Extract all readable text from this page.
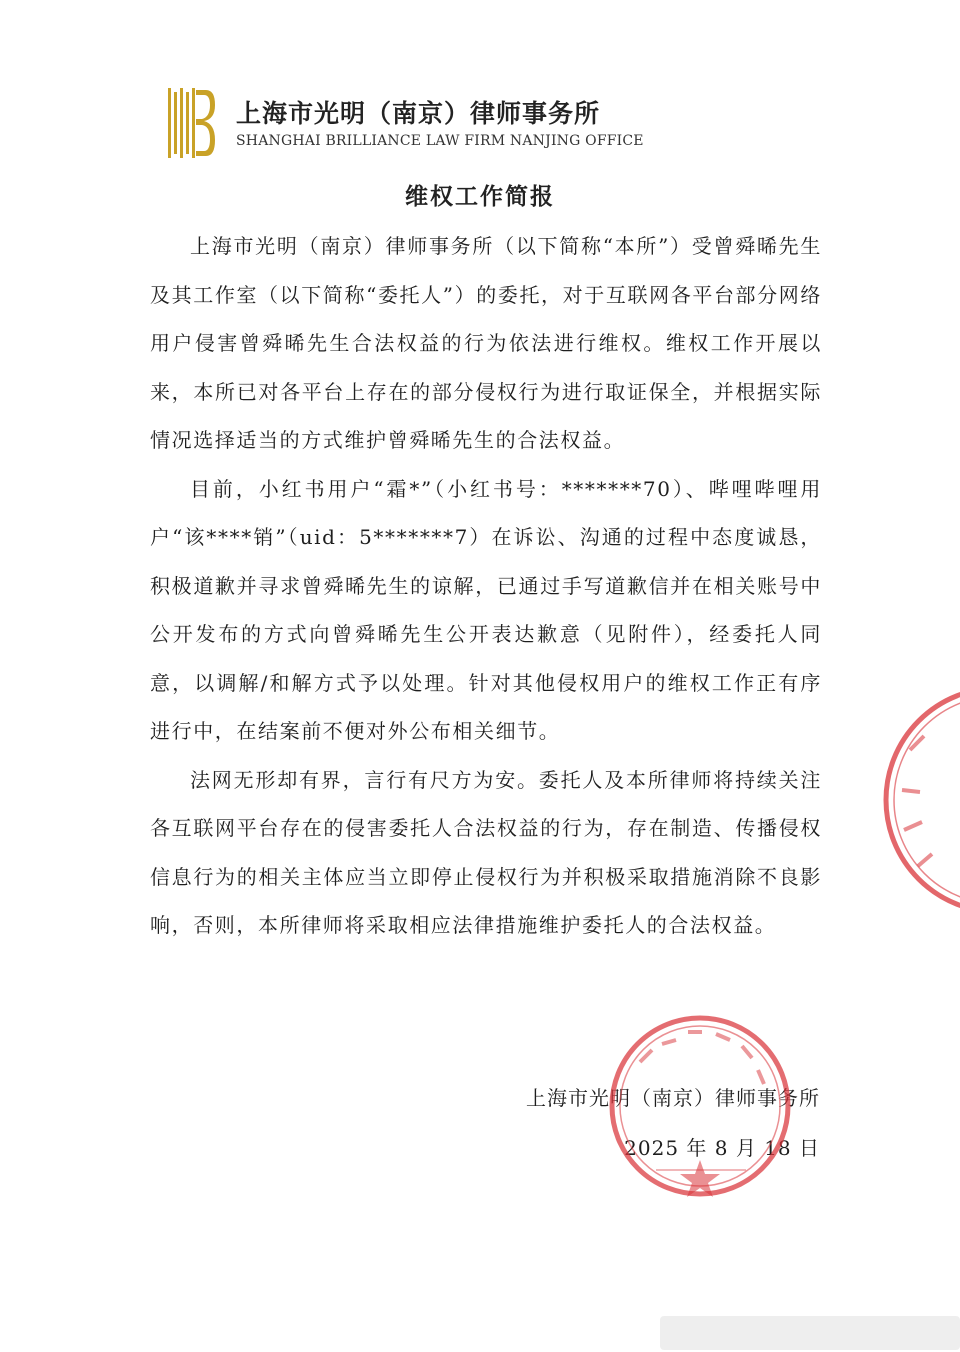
上海市光明（南京）律师事务所
SHANGHAI BRILLIANCE LAW FIRM NANJING OFFICE
维权工作简报

上海市光明（南京）律师事务所（以下简称“本所”）受曾舜晞先生及其工作室（以下简称“委托人”）的委托，对于互联网各平台部分网络用户侵害曾舜晞先生合法权益的行为依法进行维权。维权工作开展以来，本所已对各平台上存在的部分侵权行为进行取证保全，并根据实际情况选择适当的方式维护曾舜晞先生的合法权益。

目前，小红书用户“霜*”（小红书号：*******70）、哔哩哔哩用户“该****销”（uid：5*******7）在诉讼、沟通的过程中态度诚恳，积极道歉并寻求曾舜晞先生的谅解，已通过手写道歉信并在相关账号中公开发布的方式向曾舜晞先生公开表达歉意（见附件），经委托人同意，以调解/和解方式予以处理。针对其他侵权用户的维权工作正有序进行中，在结案前不便对外公布相关细节。

法网无形却有界，言行有尺方为安。委托人及本所律师将持续关注各互联网平台存在的侵害委托人合法权益的行为，存在制造、传播侵权信息行为的相关主体应当立即停止侵权行为并积极采取措施消除不良影响，否则，本所律师将采取相应法律措施维护委托人的合法权益。

上海市光明（南京）律师事务所
2025 年 8 月 18 日
